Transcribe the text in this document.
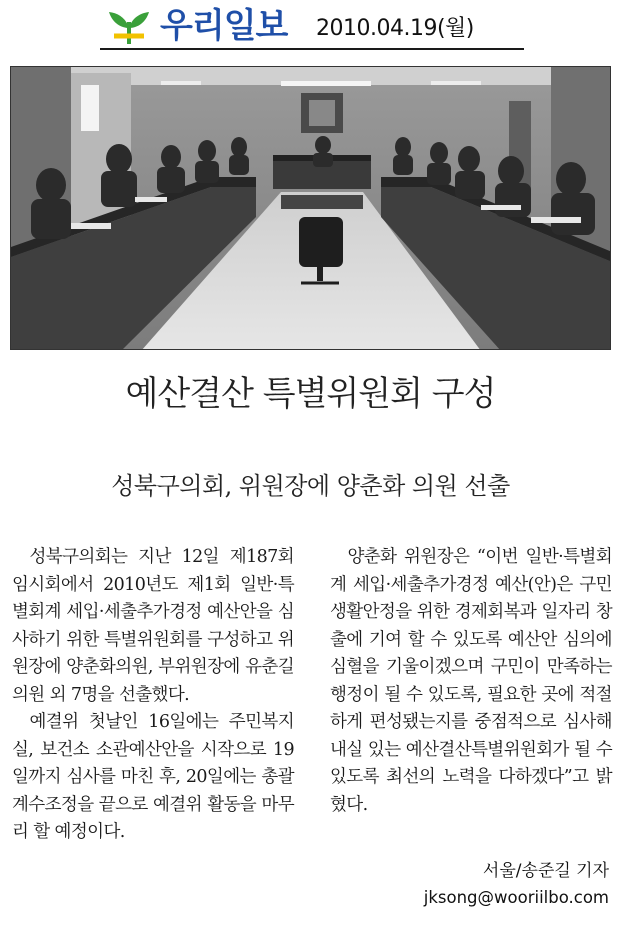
우리일보 2010.04.19(월)
예산결산 특별위원회 구성
성북구의회, 위원장에 양춘화 의원 선출

성북구의회는 지난 12일 제187회 임시회에서 2010년도 제1회 일반·특별회계 세입·세출추가경정 예산안을 심사하기 위한 특별위원회를 구성하고 위원장에 양춘화의원, 부위원장에 유춘길의원 외 7명을 선출했다.

예결위 첫날인 16일에는 주민복지실, 보건소 소관예산안을 시작으로 19일까지 심사를 마친 후, 20일에는 총괄 계수조정을 끝으로 예결위 활동을 마무리 할 예정이다.

양춘화 위원장은 “이번 일반·특별회계 세입·세출추가경정 예산(안)은 구민생활안정을 위한 경제회복과 일자리 창출에 기여 할 수 있도록 예산안 심의에 심혈을 기울이겠으며 구민이 만족하는 행정이 될 수 있도록, 필요한 곳에 적절하게 편성됐는지를 중점적으로 심사해 내실 있는 예산결산특별위원회가 될 수 있도록 최선의 노력을 다하겠다”고 밝혔다.

서울/송준길 기자
jksong@wooriilbo.com
